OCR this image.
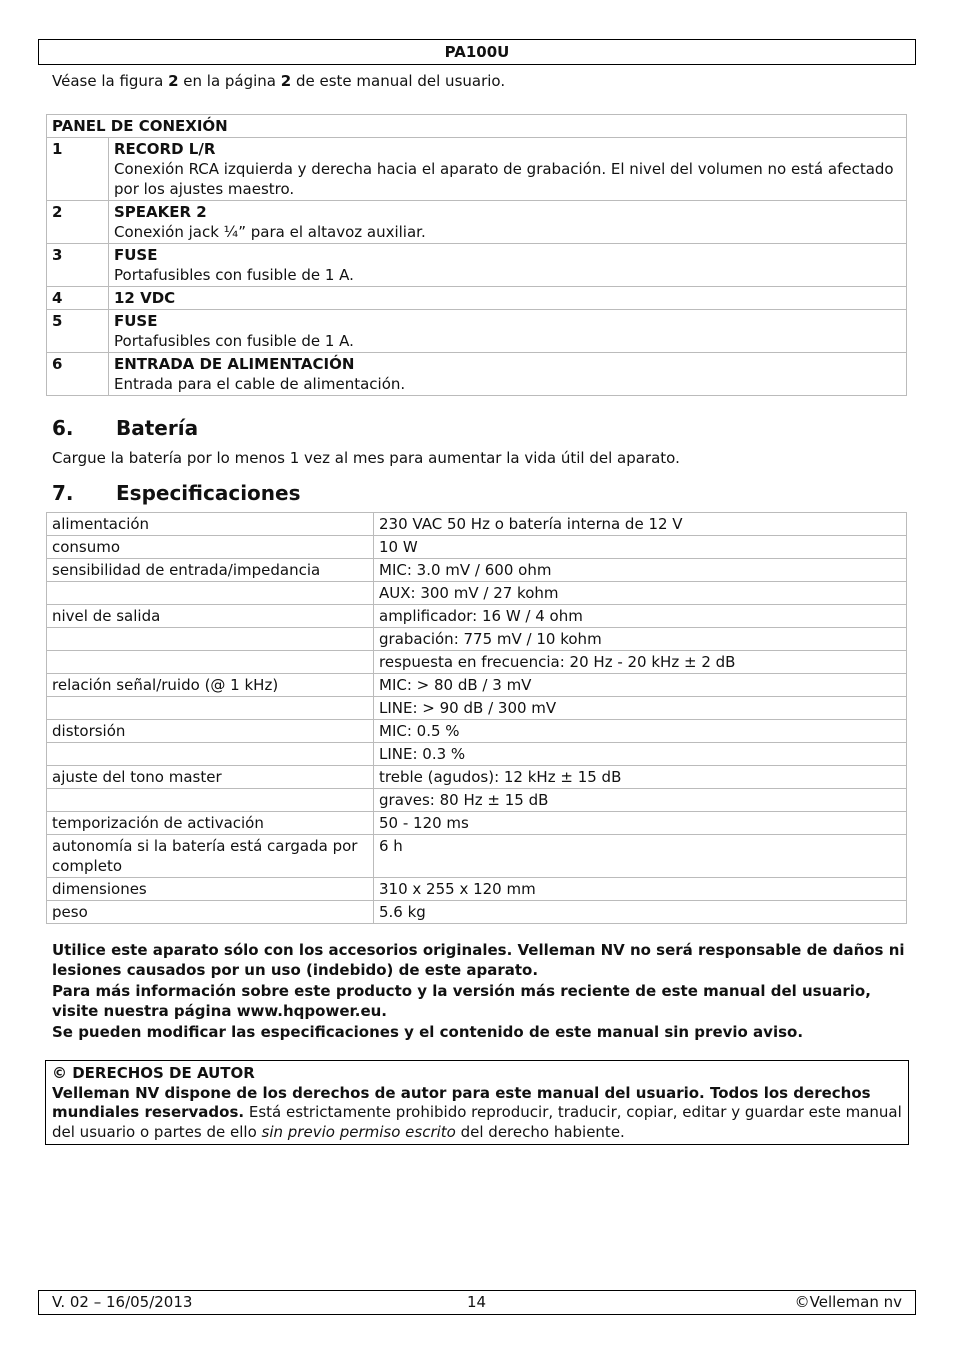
PA100U
Véase la figura 2 en la página 2 de este manual del usuario.
PANEL DE CONEXIÓN	
1	RECORD L/R
Conexión RCA izquierda y derecha hacia el aparato de grabación. El nivel del volumen no está afectado por los ajustes maestro.

2	SPEAKER 2
Conexión jack ¼” para el altavoz auxiliar.

3	FUSE
Portafusibles con fusible de 1 A.

4	12 VDC

5	FUSE
Portafusibles con fusible de 1 A.

6	ENTRADA DE ALIMENTACIÓN
Entrada para el cable de alimentación.
6. Batería
Cargue la batería por lo menos 1 vez al mes para aumentar la vida útil del aparato.
7. Especificaciones
alimentación	230 VAC 50 Hz o batería interna de 12 V
consumo	10 W
sensibilidad de entrada/impedancia	MIC: 3.0 mV / 600 ohm
	AUX: 300 mV / 27 kohm
nivel de salida	amplificador: 16 W / 4 ohm
	grabación: 775 mV / 10 kohm
	respuesta en frecuencia: 20 Hz - 20 kHz ± 2 dB
relación señal/ruido (@ 1 kHz)	MIC: > 80 dB / 3 mV
	LINE: > 90 dB / 300 mV
distorsión	MIC: 0.5 %
	LINE: 0.3 %
ajuste del tono master	treble (agudos): 12 kHz ± 15 dB
	graves: 80 Hz ± 15 dB
temporización de activación	50 - 120 ms
autonomía si la batería está cargada por completo	6 h
dimensiones	310 x 255 x 120 mm
peso	5.6 kg

Utilice este aparato sólo con los accesorios originales. Velleman NV no será responsable de daños ni lesiones causados por un uso (indebido) de este aparato.

Para más información sobre este producto y la versión más reciente de este manual del usuario, visite nuestra página www.hqpower.eu.

Se pueden modificar las especificaciones y el contenido de este manual sin previo aviso.

© DERECHOS DE AUTOR
Velleman NV dispone de los derechos de autor para este manual del usuario. Todos los derechos mundiales reservados. Está estrictamente prohibido reproducir, traducir, copiar, editar y guardar este manual del usuario o partes de ello sin previo permiso escrito del derecho habiente.
V. 02 – 16/05/2013	14	©Velleman nv
